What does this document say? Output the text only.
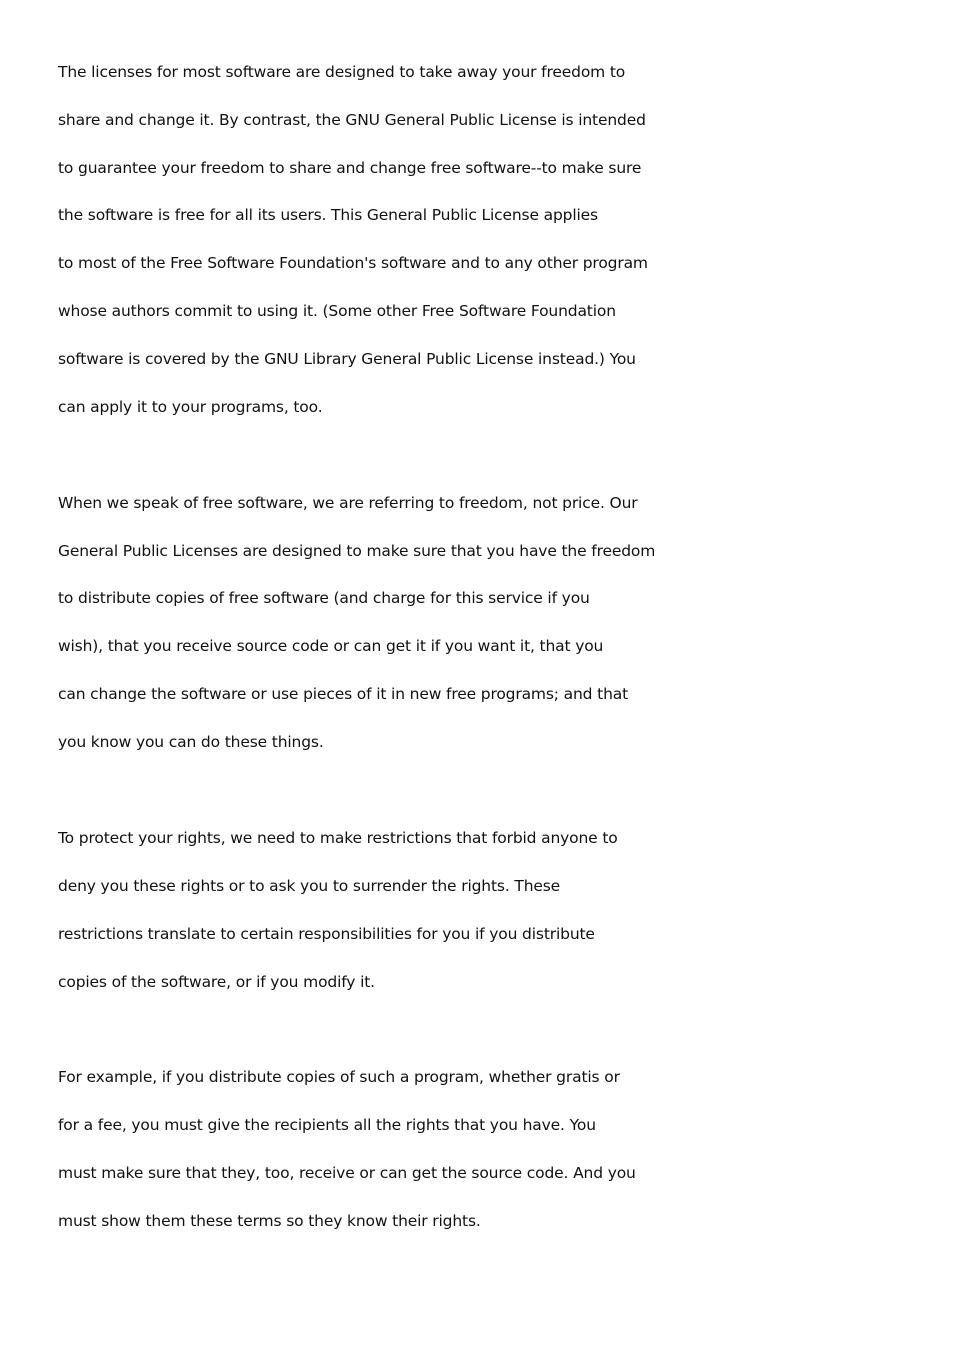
The licenses for most software are designed to take away your freedom to
share and change it. By contrast, the GNU General Public License is intended
to guarantee your freedom to share and change free software--to make sure
the software is free for all its users. This General Public License applies
to most of the Free Software Foundation's software and to any other program
whose authors commit to using it. (Some other Free Software Foundation
software is covered by the GNU Library General Public License instead.) You
can apply it to your programs, too.
When we speak of free software, we are referring to freedom, not price. Our
General Public Licenses are designed to make sure that you have the freedom
to distribute copies of free software (and charge for this service if you
wish), that you receive source code or can get it if you want it, that you
can change the software or use pieces of it in new free programs; and that
you know you can do these things.
To protect your rights, we need to make restrictions that forbid anyone to
deny you these rights or to ask you to surrender the rights. These
restrictions translate to certain responsibilities for you if you distribute
copies of the software, or if you modify it.
For example, if you distribute copies of such a program, whether gratis or
for a fee, you must give the recipients all the rights that you have. You
must make sure that they, too, receive or can get the source code. And you
must show them these terms so they know their rights.
